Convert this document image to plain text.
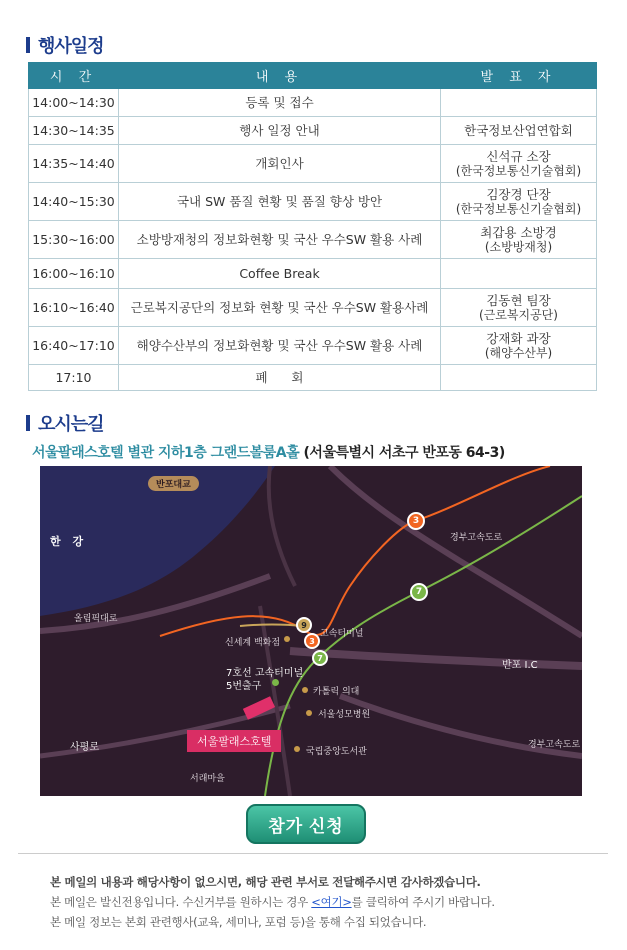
행사일정
시 간	내 용	발 표 자
14:00~14:30	등록 및 접수	
14:30~14:35	행사 일정 안내	한국정보산업연합회
14:35~14:40	개회인사	신석규 소장
(한국정보통신기술협회)

14:40~15:30	국내 SW 품질 현황 및 품질 향상 방안	김장경 단장
(한국정보통신기술협회)

15:30~16:00	소방방재청의 정보화현황 및 국산 우수SW 활용 사례	최갑용 소방경
(소방방재청)

16:00~16:10	Coffee Break	
16:10~16:40	근로복지공단의 정보화 현황 및 국산 우수SW 활용사례	김동현 팀장
(근로복지공단)

16:40~17:10	해양수산부의 정보화현황 및 국산 우수SW 활용 사례	강재화 과장
(해양수산부)

17:10	폐      회	
오시는길
서울팔래스호텔 별관 지하1층 그랜드볼룸A홀 (서울특별시 서초구 반포동 64-3)
3
7
9
3
7
반포대교
한 강	경부고속도로
올림픽대로
신세계 백화점
고속터미널
7호선 고속터미널
5번출구	카톨릭 의대
서울성모병원
반포 I.C
사평로	서울팔래스호텔
국립중앙도서관
경부고속도로
서래마을
참가 신청
본 메일의 내용과 해당사항이 없으시면, 해당 관련 부서로 전달해주시면 감사하겠습니다.
본 메일은 발신전용입니다. 수신거부를 원하시는 경우 <여기>를 클릭하여 주시기 바랍니다.
본 메일 정보는 본회 관련행사(교육, 세미나, 포럼 등)을 통해 수집 되었습니다.
